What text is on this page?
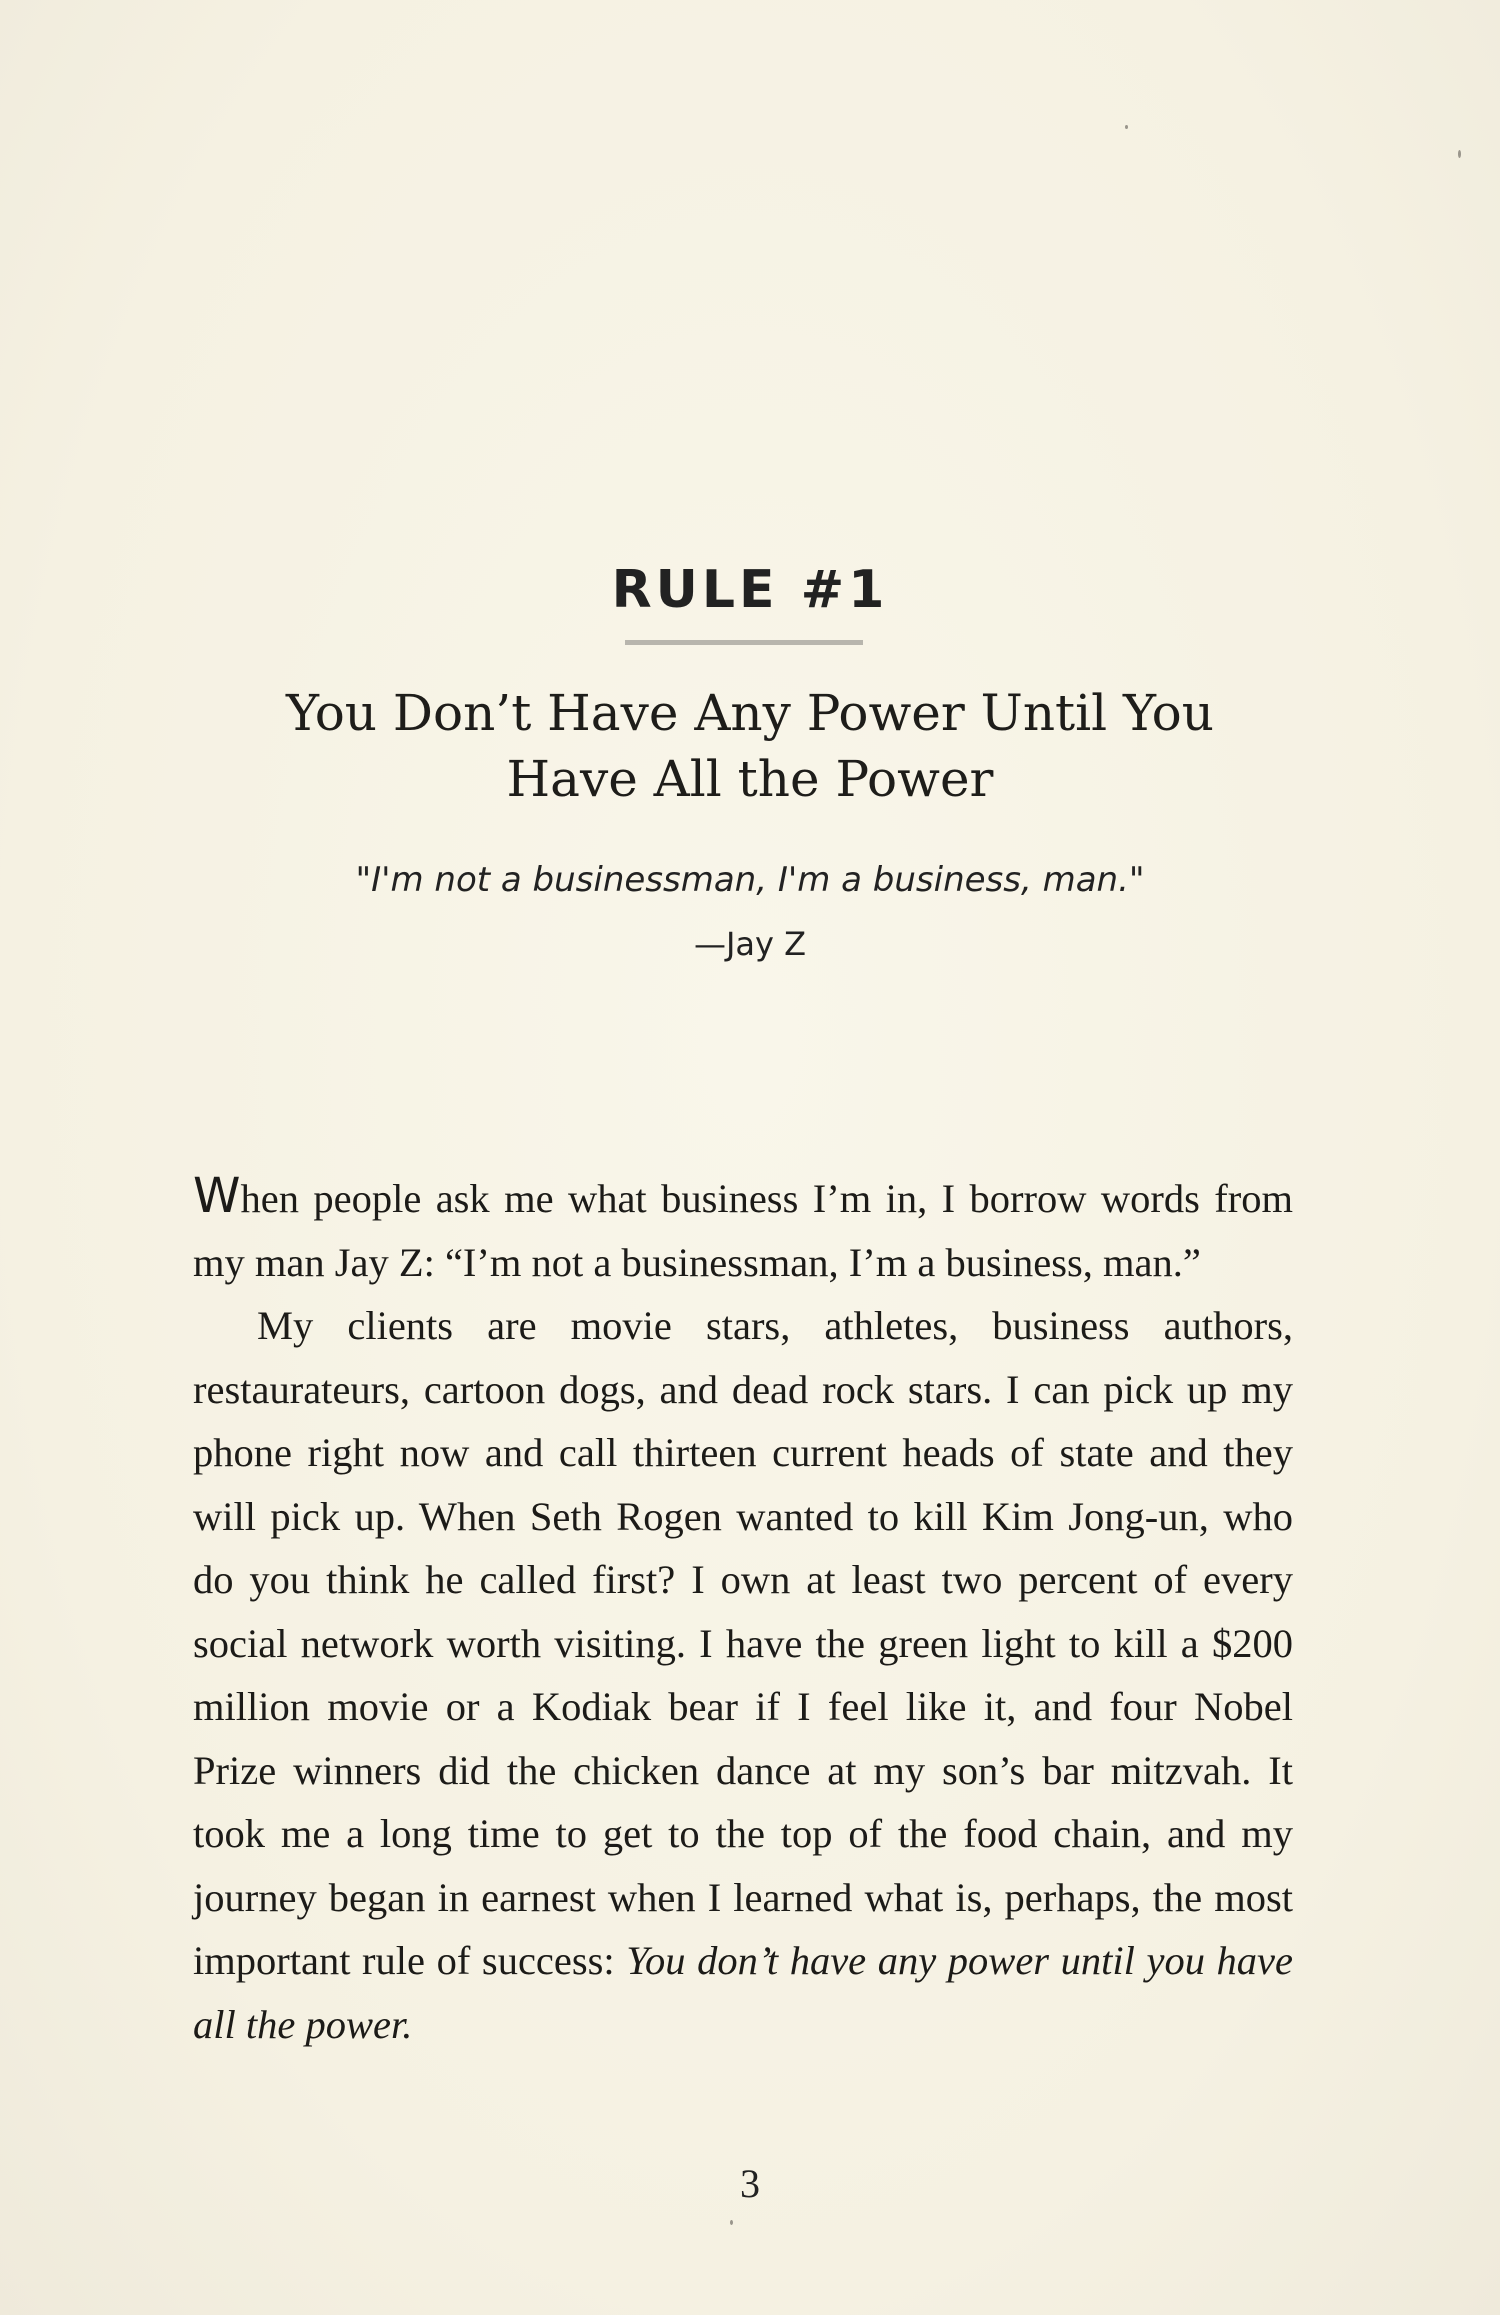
RULE #1
You Don’t Have Any Power Until You
Have All the Power
"I'm not a businessman, I'm a business, man."
—Jay Z

When people ask me what business I’m in, I borrow words from my man Jay Z: “I’m not a businessman, I’m a business, man.”

My clients are movie stars, athletes, business authors, restaurateurs, cartoon dogs, and dead rock stars. I can pick up my phone right now and call thirteen current heads of state and they will pick up. When Seth Rogen wanted to kill Kim Jong-un, who do you think he called first? I own at least two percent of every social network worth visiting. I have the green light to kill a $200 million movie or a Kodiak bear if I feel like it, and four Nobel Prize winners did the chicken dance at my son’s bar mitzvah. It took me a long time to get to the top of the food chain, and my journey began in earnest when I learned what is, perhaps, the most important rule of success: You don’t have any power until you have all the power.

3
